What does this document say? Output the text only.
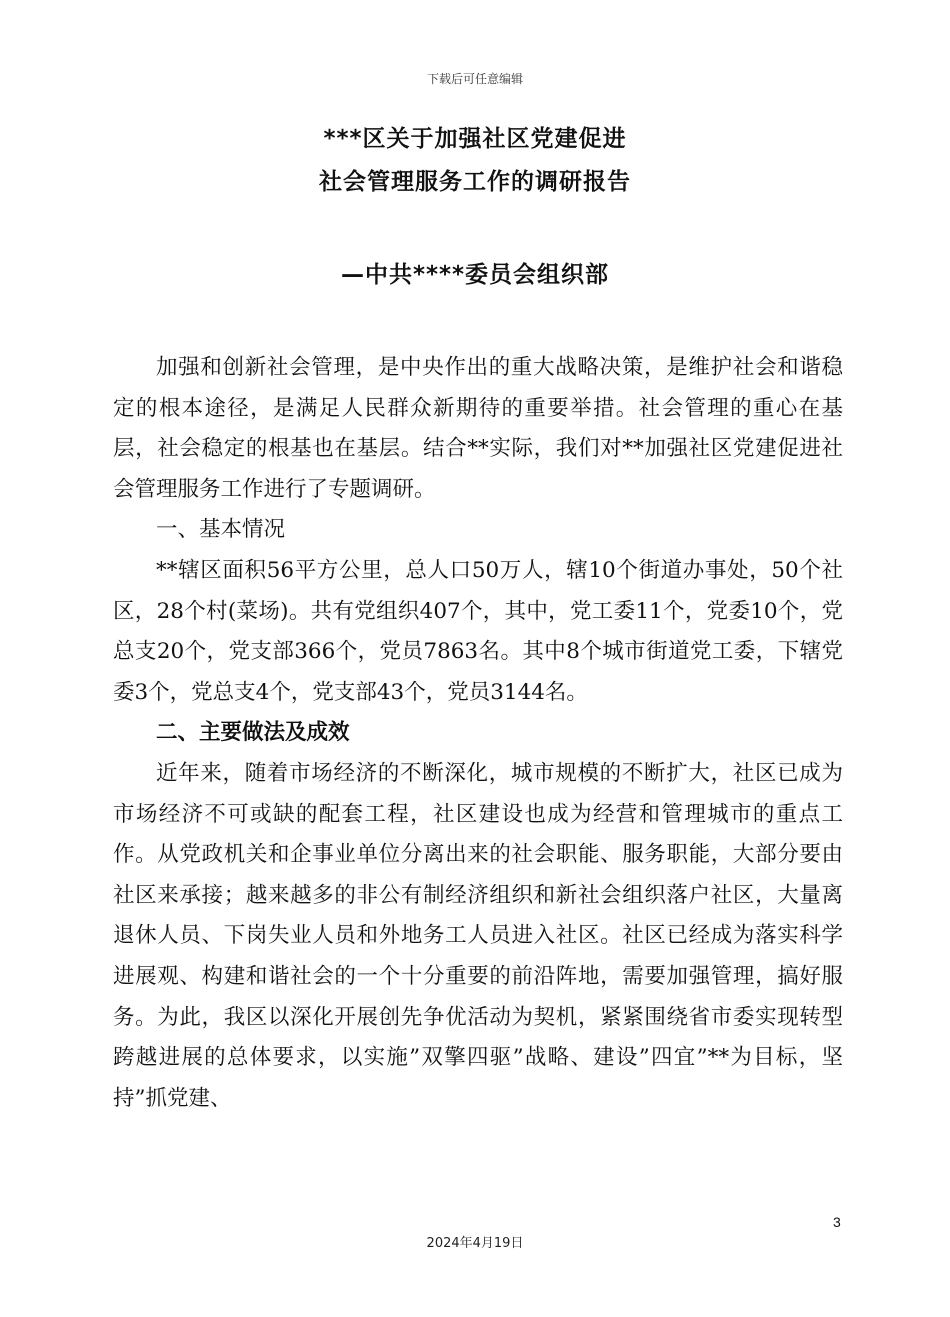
下载后可任意编辑
***区关于加强社区党建促进
社会管理服务工作的调研报告
—中共****委员会组织部

加强和创新社会管理，是中央作出的重大战略决策，是维护社会和谐稳定的根本途径，是满足人民群众新期待的重要举措。社会管理的重心在基层，社会稳定的根基也在基层。结合**实际，我们对**加强社区党建促进社会管理服务工作进行了专题调研。

一、基本情况

**辖区面积56平方公里，总人口50万人，辖10个街道办事处，50个社区，28个村(菜场)。共有党组织407个，其中，党工委11个，党委10个，党总支20个，党支部366个，党员7863名。其中8个城市街道党工委，下辖党委3个，党总支4个，党支部43个，党员3144名。

二、主要做法及成效

近年来，随着市场经济的不断深化，城市规模的不断扩大，社区已成为市场经济不可或缺的配套工程，社区建设也成为经营和管理城市的重点工作。从党政机关和企事业单位分离出来的社会职能、服务职能，大部分要由社区来承接；越来越多的非公有制经济组织和新社会组织落户社区，大量离退休人员、下岗失业人员和外地务工人员进入社区。社区已经成为落实科学进展观、构建和谐社会的一个十分重要的前沿阵地，需要加强管理，搞好服务。为此，我区以深化开展创先争优活动为契机，紧紧围绕省市委实现转型跨越进展的总体要求，以实施”双擎四驱”战略、建设”四宜”**为目标，坚持”抓党建、

3
2024年4月19日
